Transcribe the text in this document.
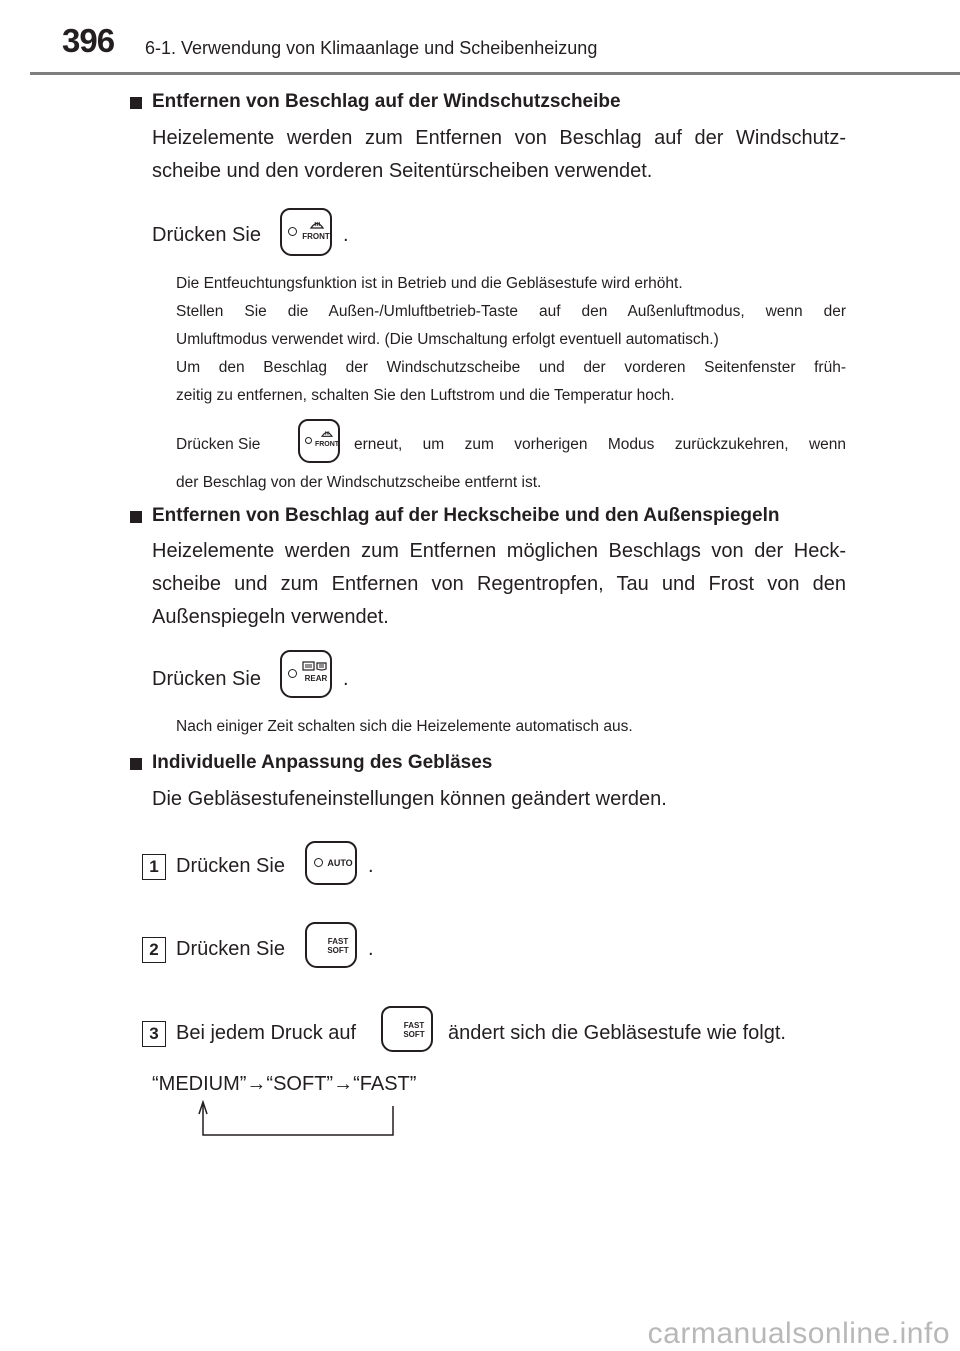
396 6-1. Verwendung von Klimaanlage und Scheibenheizung
Entfernen von Beschlag auf der Windschutzscheibe
Heizelemente werden zum Entfernen von Beschlag auf der Windschutz-
scheibe und den vorderen Seitentürscheiben verwendet.
Drücken Sie	FRONT .
Die Entfeuchtungsfunktion ist in Betrieb und die Gebläsestufe wird erhöht.
Stellen Sie die Außen-/Umluftbetrieb-Taste auf den Außenluftmodus, wenn der
Umluftmodus verwendet wird. (Die Umschaltung erfolgt eventuell automatisch.)
Um den Beschlag der Windschutzscheibe und der vorderen Seitenfenster früh-
zeitig zu entfernen, schalten Sie den Luftstrom und die Temperatur hoch.
Drücken Sie	FRONT erneut, um zum vorherigen Modus zurückzukehren, wenn
der Beschlag von der Windschutzscheibe entfernt ist.
Entfernen von Beschlag auf der Heckscheibe und den Außenspiegeln
Heizelemente werden zum Entfernen möglichen Beschlags von der Heck-
scheibe und zum Entfernen von Regentropfen, Tau und Frost von den
Außenspiegeln verwendet.
Drücken Sie	REAR .
Nach einiger Zeit schalten sich die Heizelemente automatisch aus.
Individuelle Anpassung des Gebläses
Die Gebläsestufeneinstellungen können geändert werden.
1 Drücken Sie	AUTO .
2 Drücken Sie	FAST
SOFT .
3 Bei jedem Druck auf	FAST
SOFT ändert sich die Gebläsestufe wie folgt.
“MEDIUM”→“SOFT”→“FAST”
carmanualsonline.info
